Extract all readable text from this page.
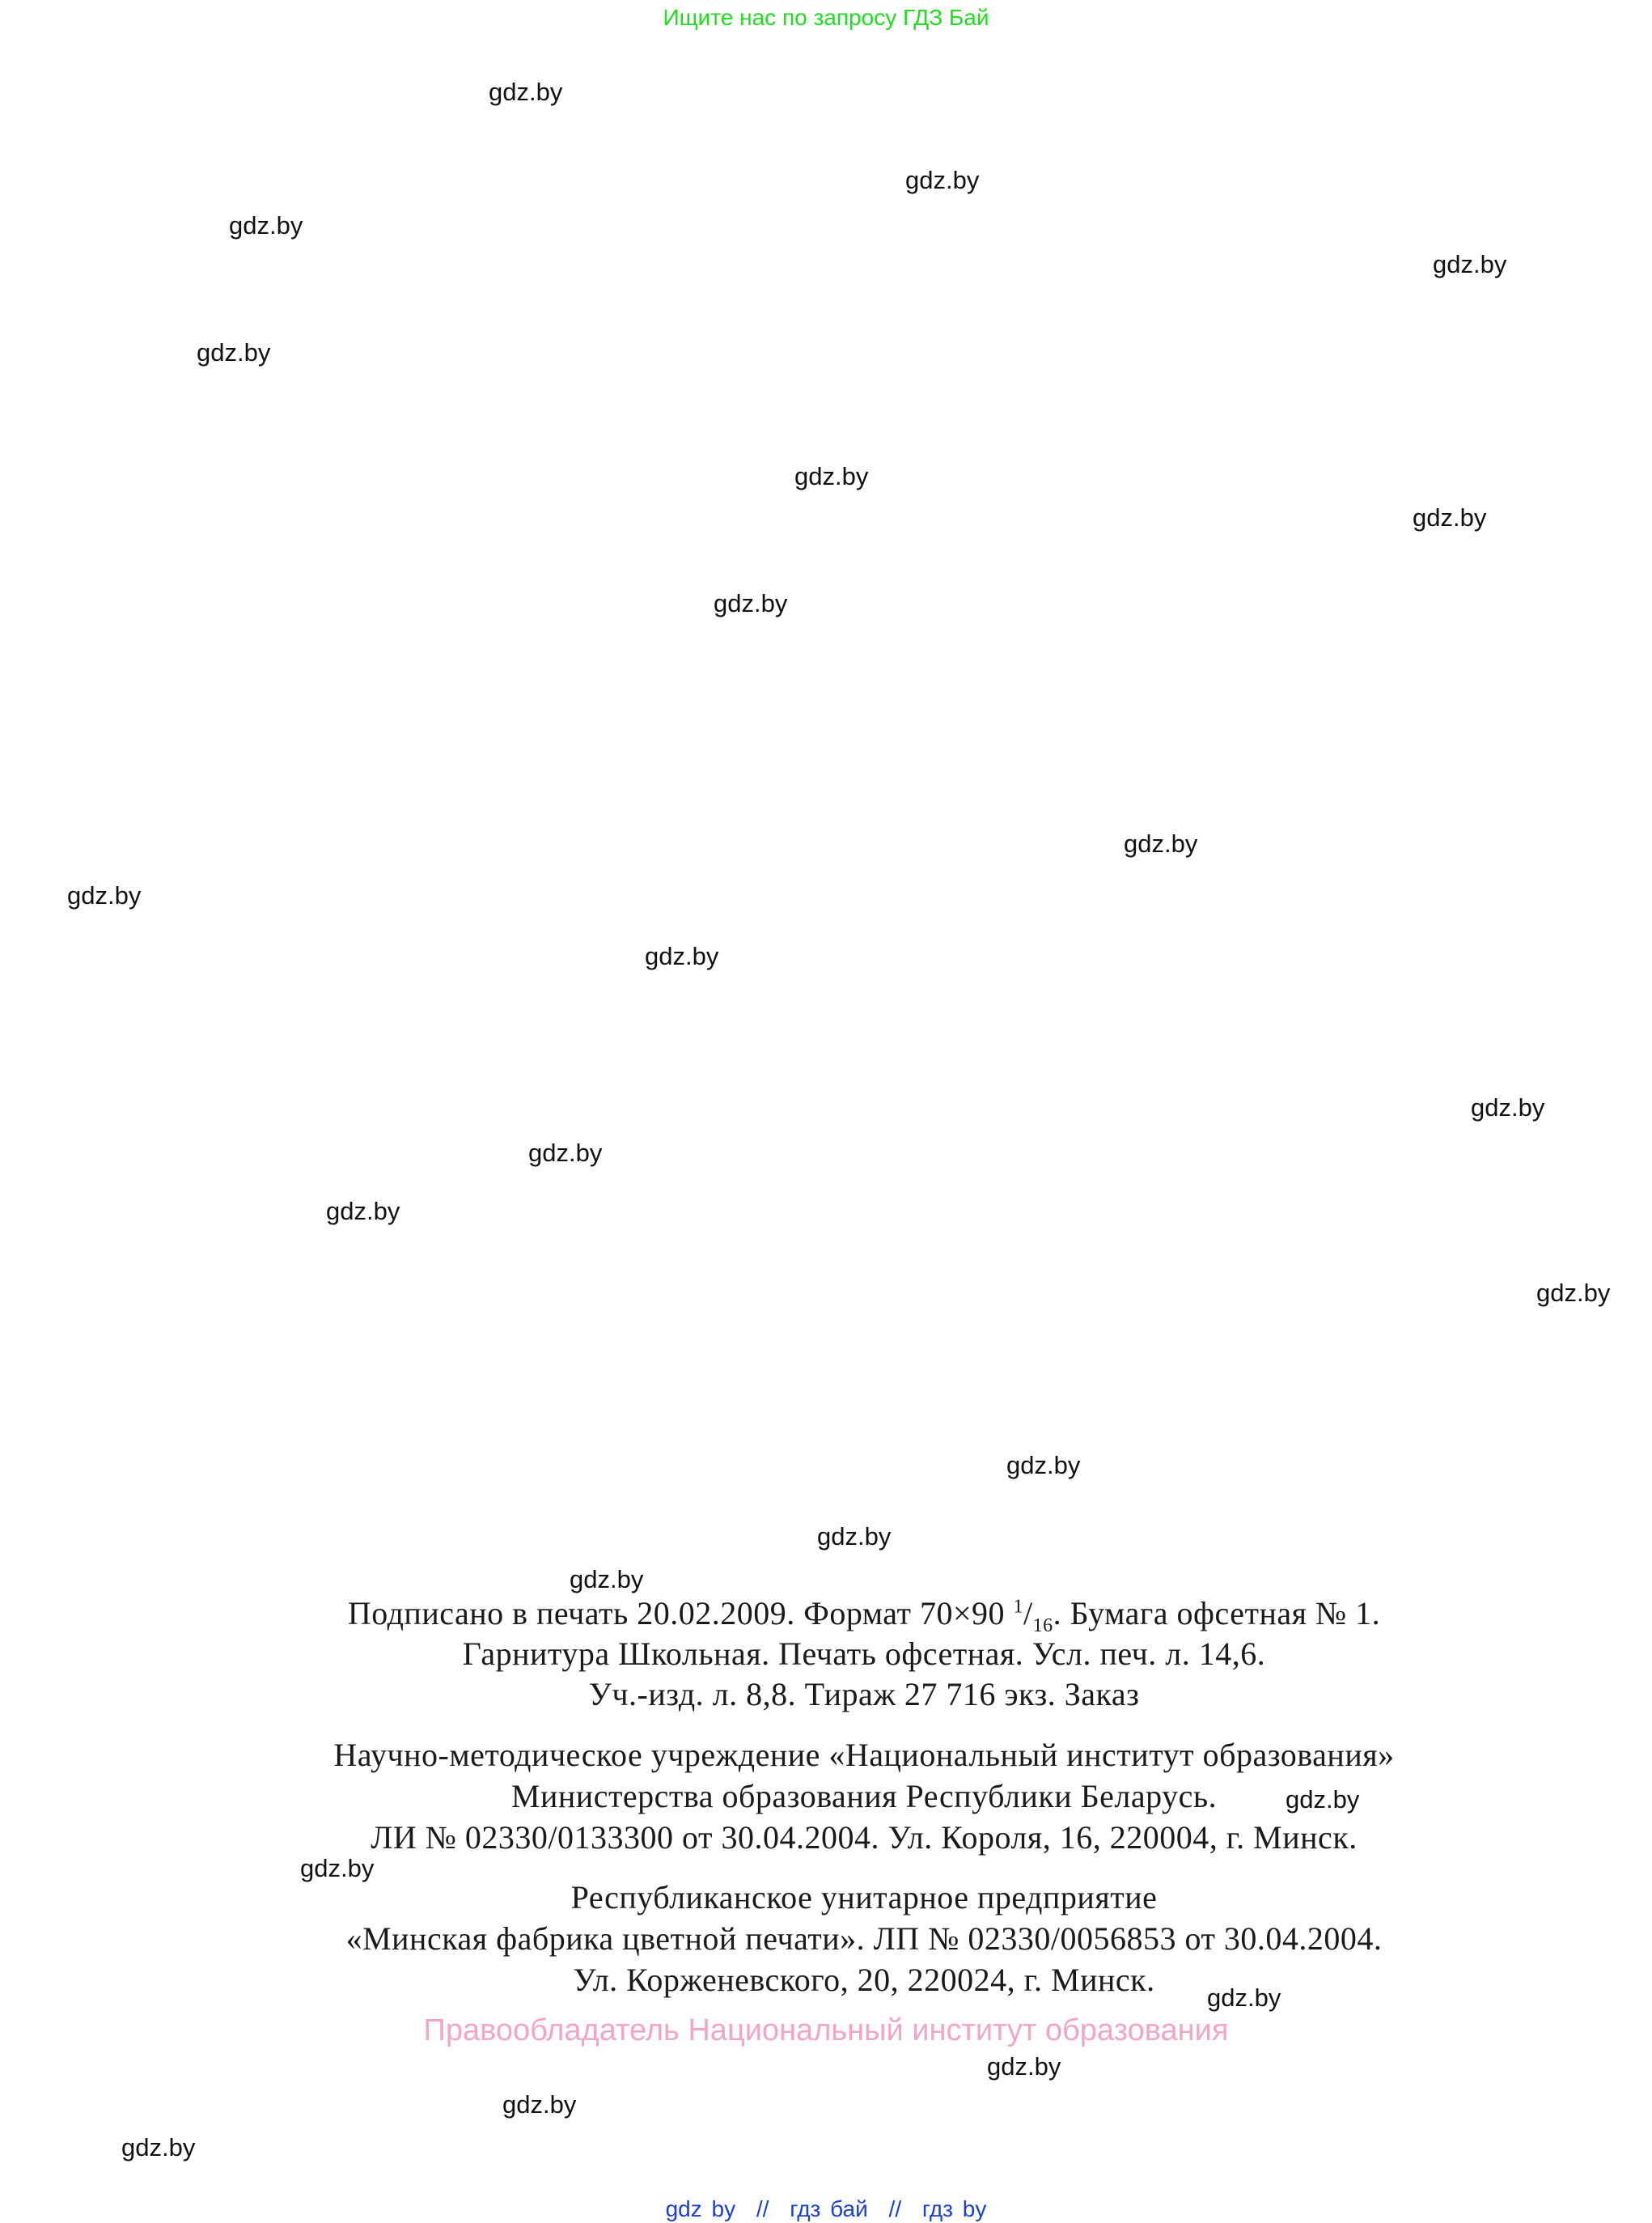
Ищите нас по запросу ГДЗ Бай
gdz.by
gdz.by
gdz.by
gdz.by
gdz.by
gdz.by
gdz.by
gdz.by
gdz.by
gdz.by
gdz.by
gdz.by
gdz.by
gdz.by
gdz.by
gdz.by
gdz.by
gdz.by
gdz.by
gdz.by
gdz.by
gdz.by
gdz.by
gdz.by
Подписано в печать 20.02.2009. Формат 70×90 $^1/_{16}$. Бумага офсетная № 1.
Гарнитура Школьная. Печать офсетная. Усл. печ. л. 14,6.
Уч.-изд. л. 8,8. Тираж 27 716 экз. Заказ
Научно-методическое учреждение «Национальный институт образования»
Министерства образования Республики Беларусь.
ЛИ № 02330/0133300 от 30.04.2004. Ул. Короля, 16, 220004, г. Минск.
Республиканское унитарное предприятие
«Минская фабрика цветной печати». ЛП № 02330/0056853 от 30.04.2004.
Ул. Корженевского, 20, 220024, г. Минск.
Правообладатель Национальный институт образования
gdz by // гдз бай // гдз by
